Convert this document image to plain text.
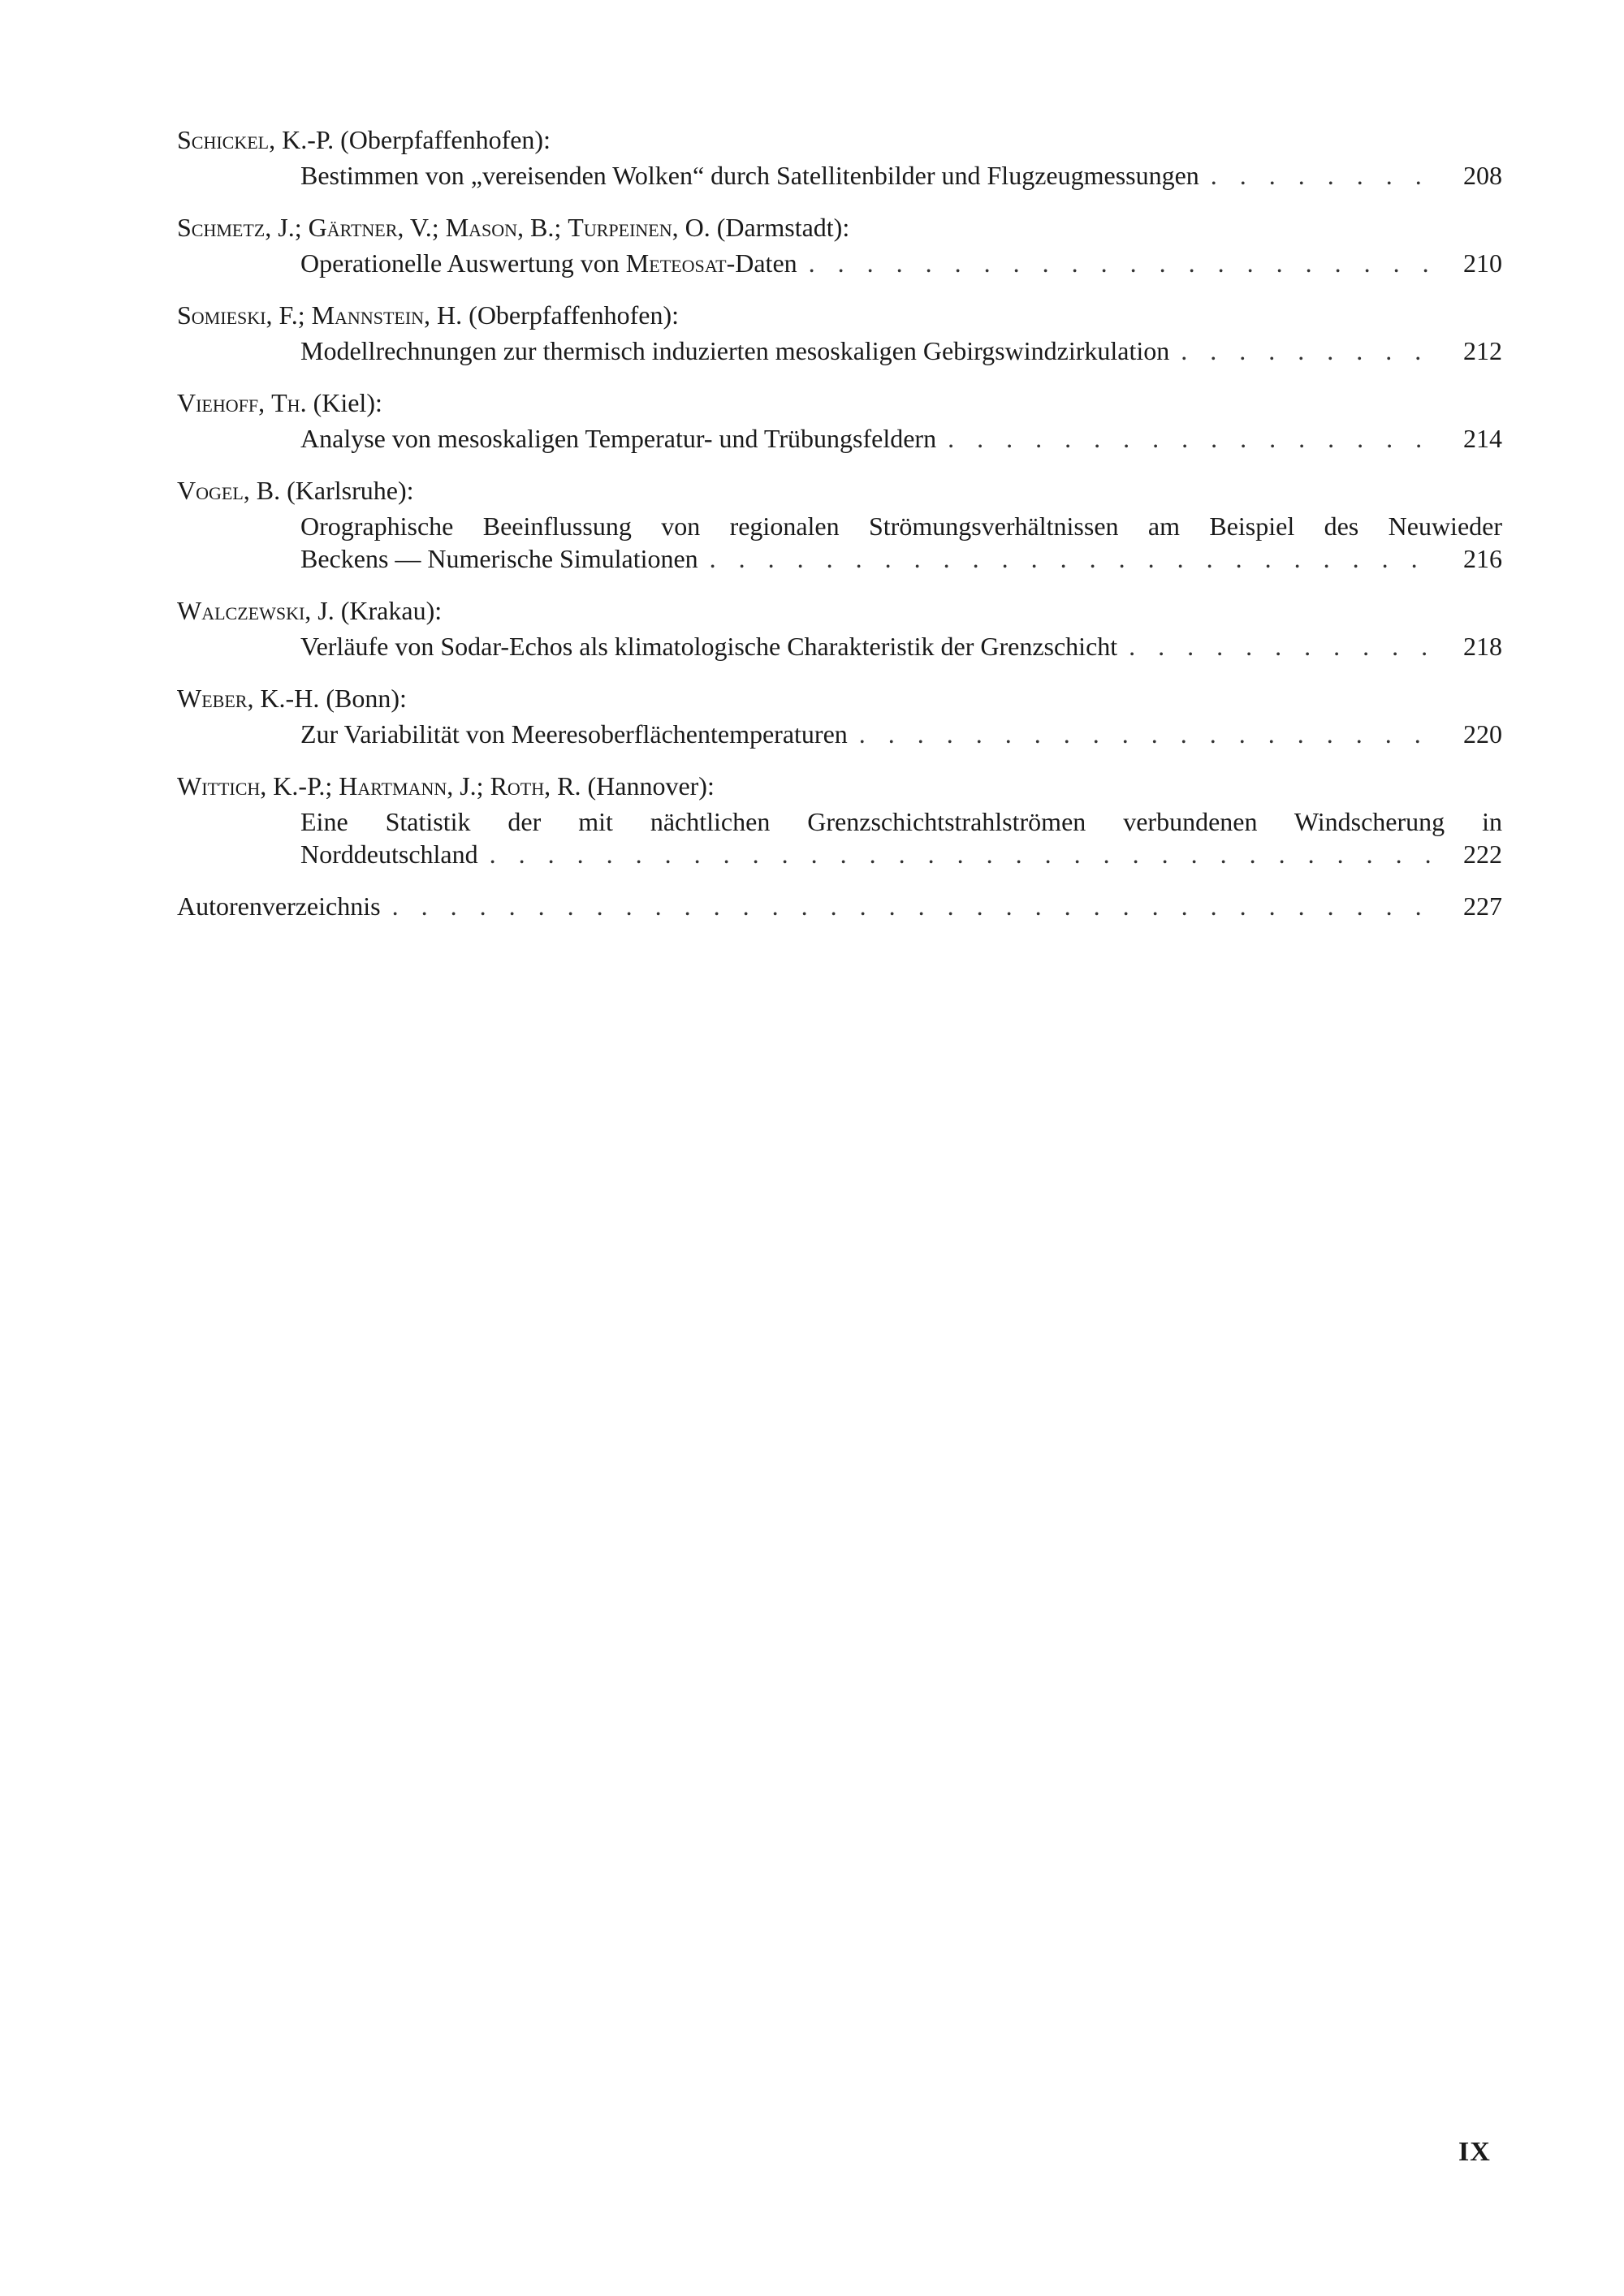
Schickel, K.-P. (Oberpfaffenhofen):
Bestimmen von „vereisenden Wolken“ durch Satellitenbilder und Flugzeugmessungen . . .	208
Schmetz, J.; Gärtner, V.; Mason, B.; Turpeinen, O. (Darmstadt):
Operationelle Auswertung von Meteosat-Daten . . .	210
Somieski, F.; Mannstein, H. (Oberpfaffenhofen):
Modellrechnungen zur thermisch induzierten mesoskaligen Gebirgswindzirkulation . . .	212
Viehoff, Th. (Kiel):
Analyse von mesoskaligen Temperatur- und Trübungsfeldern . . .	214
Vogel, B. (Karlsruhe):
Orographische Beeinflussung von regionalen Strömungsverhältnissen am Beispiel des Neuwieder
Beckens — Numerische Simulationen . . .	216
Walczewski, J. (Krakau):
Verläufe von Sodar-Echos als klimatologische Charakteristik der Grenzschicht . . .	218
Weber, K.-H. (Bonn):
Zur Variabilität von Meeresoberflächentemperaturen . . .	220
Wittich, K.-P.; Hartmann, J.; Roth, R. (Hannover):
Eine Statistik der mit nächtlichen Grenzschichtstrahlströmen verbundenen Windscherung in
Norddeutschland . . .	222
Autorenverzeichnis . . .	227
IX
